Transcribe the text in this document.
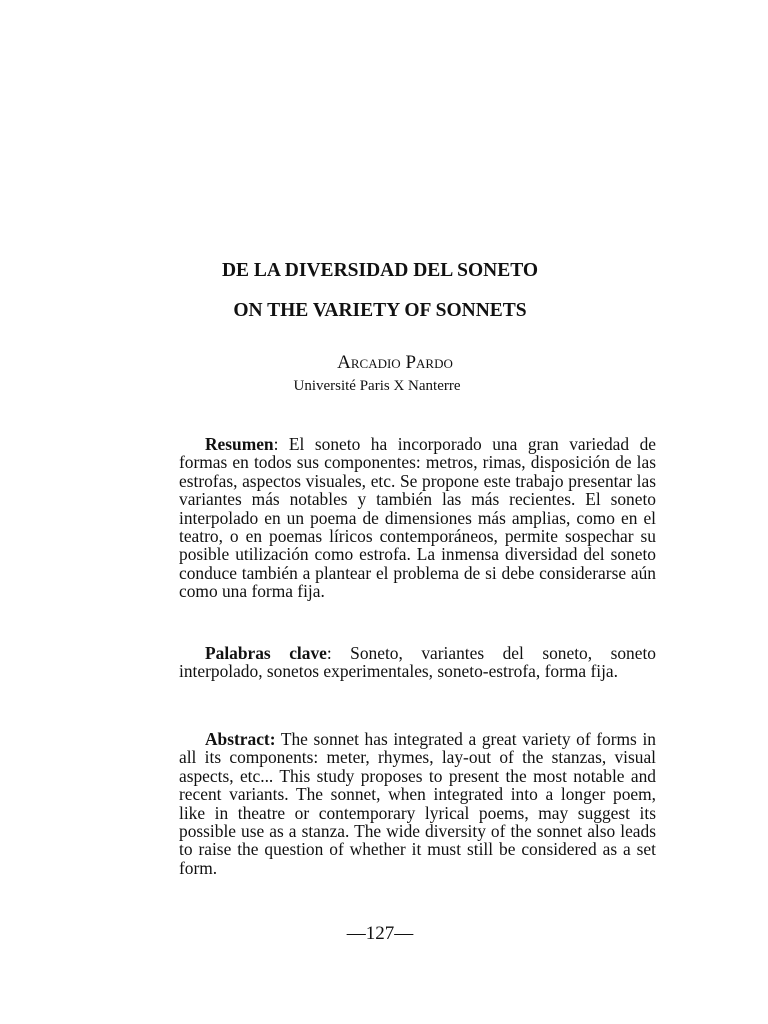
DE LA DIVERSIDAD DEL SONETO
ON THE VARIETY OF SONNETS

Arcadio Pardo

Université Paris X Nanterre

Resumen: El soneto ha incorporado una gran variedad de formas en todos sus componentes: metros, rimas, disposición de las estrofas, aspectos visuales, etc. Se propone este trabajo presentar las variantes más notables y también las más recientes. El soneto interpolado en un poema de dimensiones más amplias, como en el teatro, o en poemas líricos contemporáneos, permite sospechar su posible utilización como estrofa. La inmensa diversidad del soneto conduce también a plantear el problema de si debe considerarse aún como una forma fija.

Palabras clave: Soneto, variantes del soneto, soneto interpolado, sonetos experimentales, soneto-estrofa, forma fija.

Abstract: The sonnet has integrated a great variety of forms in all its components: meter, rhymes, lay-out of the stanzas, visual aspects, etc... This study proposes to present the most notable and recent variants. The sonnet, when integrated into a longer poem, like in theatre or contemporary lyrical poems, may suggest its possible use as a stanza. The wide diversity of the sonnet also leads to raise the question of whether it must still be considered as a set form.

—127—
